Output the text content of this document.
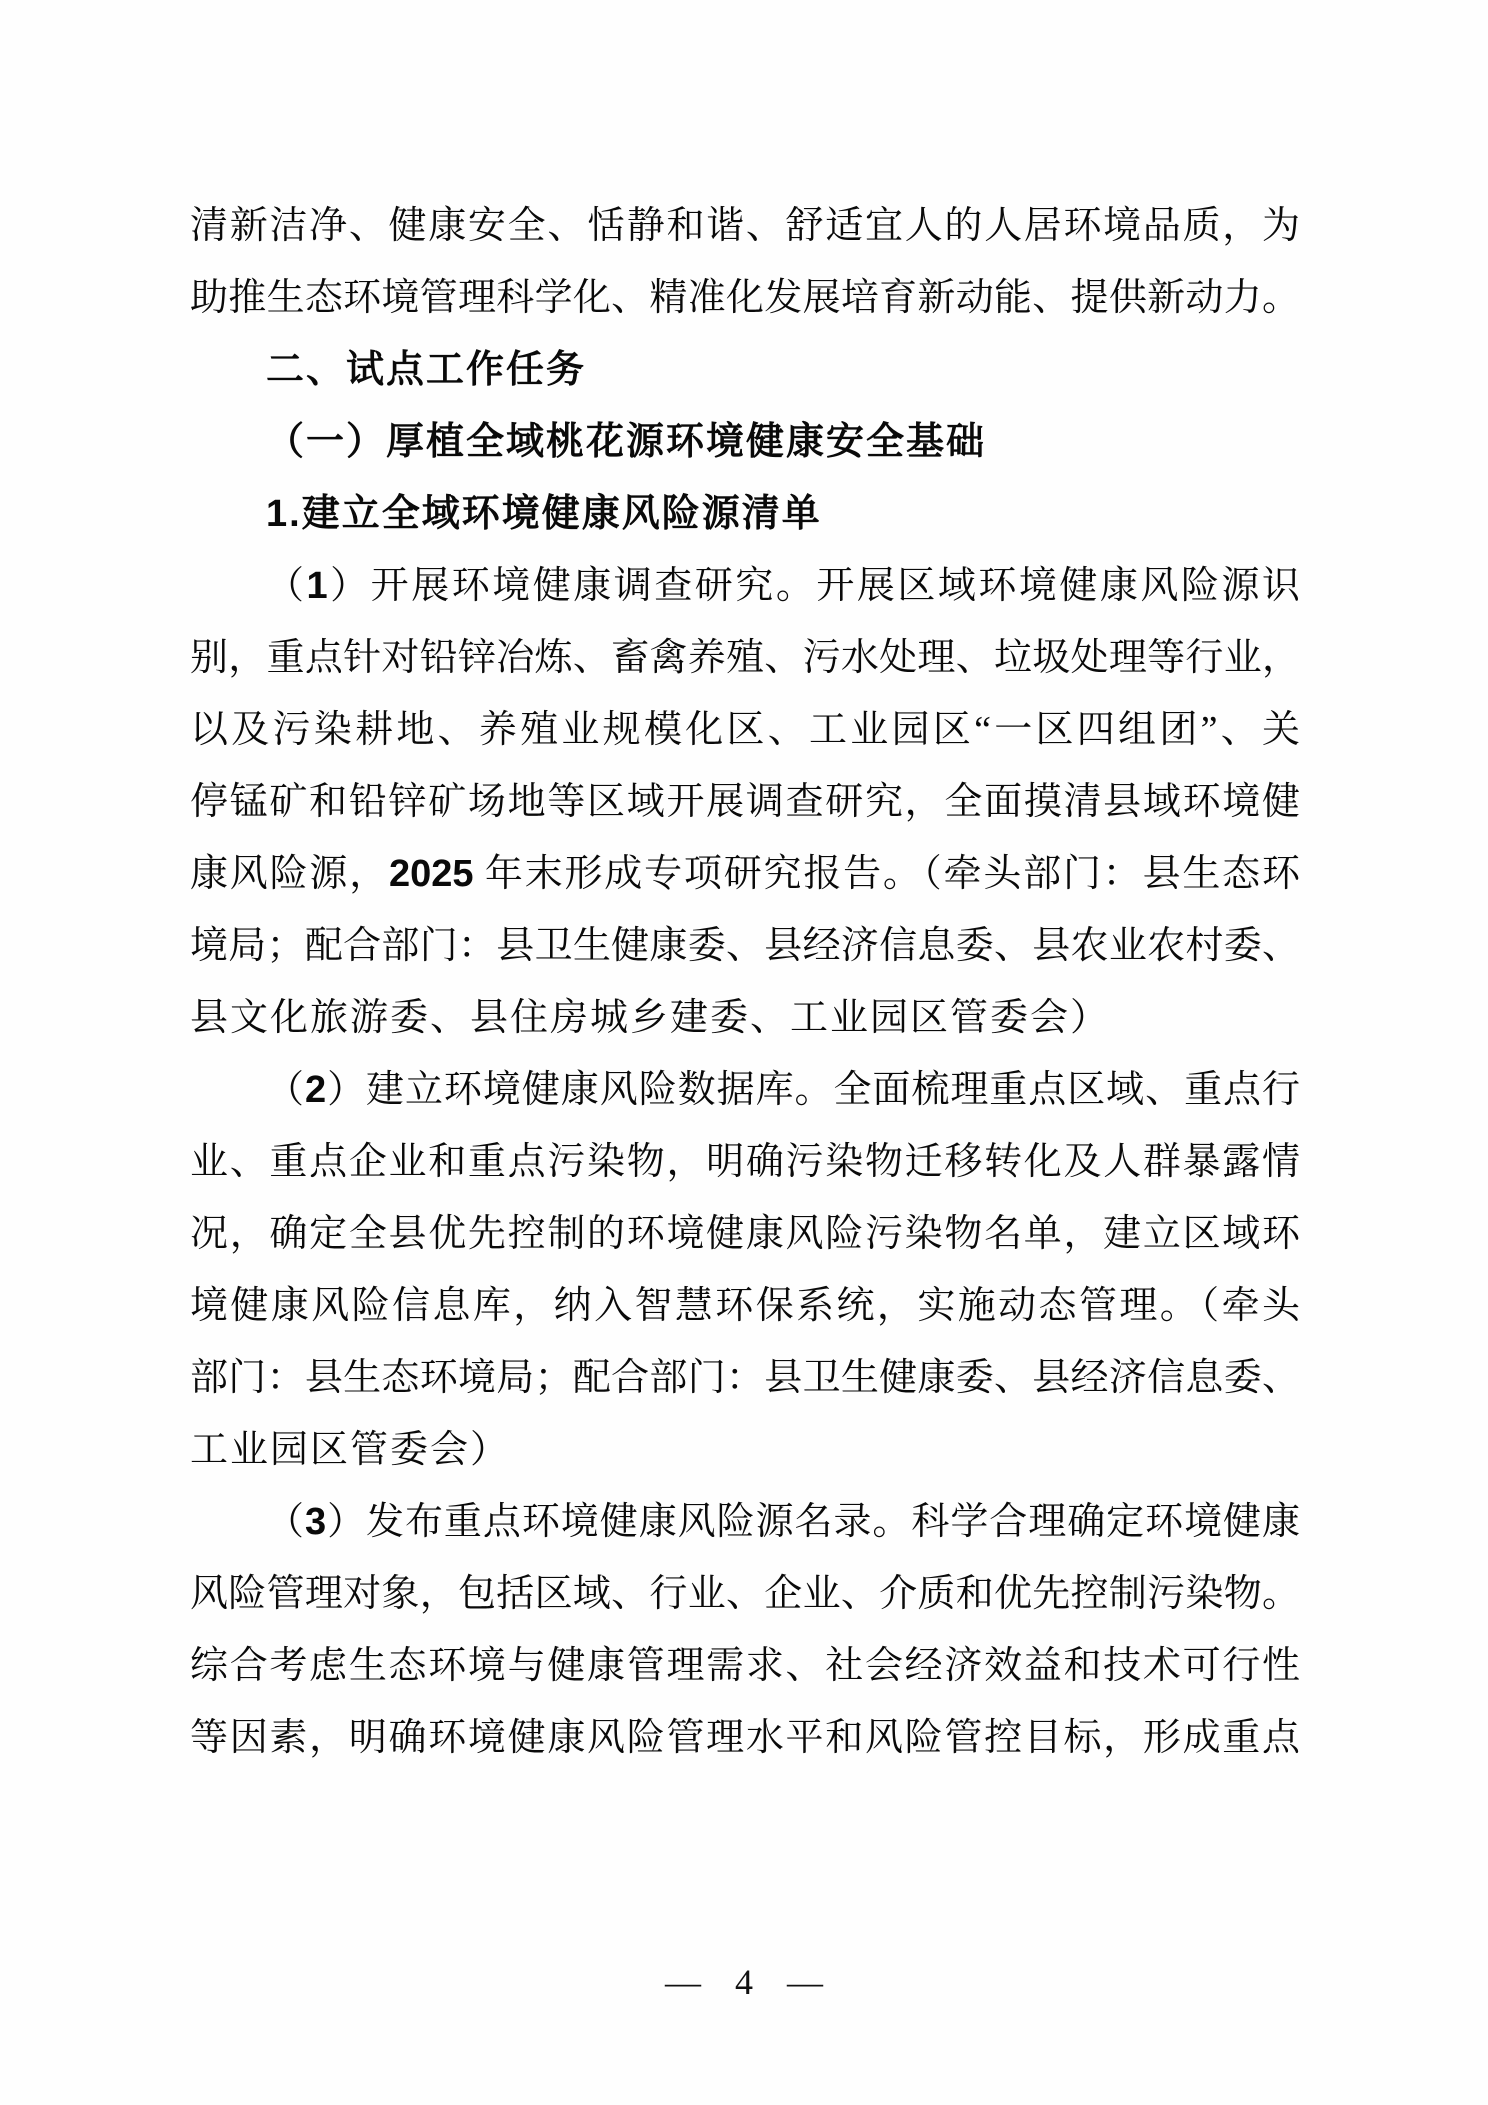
清新洁净、健康安全、恬静和谐、舒适宜人的人居环境品质，为
助推生态环境管理科学化、精准化发展培育新动能、提供新动力。
二、试点工作任务
（一）厚植全域桃花源环境健康安全基础
1.建立全域环境健康风险源清单
（1）开展环境健康调查研究。开展区域环境健康风险源识
别，重点针对铅锌冶炼、畜禽养殖、污水处理、垃圾处理等行业，
以及污染耕地、养殖业规模化区、工业园区“一区四组团”、关
停锰矿和铅锌矿场地等区域开展调查研究，全面摸清县域环境健
康风险源，2025 年末形成专项研究报告。（牵头部门：县生态环
境局；配合部门：县卫生健康委、县经济信息委、县农业农村委、
县文化旅游委、县住房城乡建委、工业园区管委会）
（2）建立环境健康风险数据库。全面梳理重点区域、重点行
业、重点企业和重点污染物，明确污染物迁移转化及人群暴露情
况，确定全县优先控制的环境健康风险污染物名单，建立区域环
境健康风险信息库，纳入智慧环保系统，实施动态管理。（牵头
部门：县生态环境局；配合部门：县卫生健康委、县经济信息委、
工业园区管委会）
（3）发布重点环境健康风险源名录。科学合理确定环境健康
风险管理对象，包括区域、行业、企业、介质和优先控制污染物。
综合考虑生态环境与健康管理需求、社会经济效益和技术可行性
等因素，明确环境健康风险管理水平和风险管控目标，形成重点
— 4 —
